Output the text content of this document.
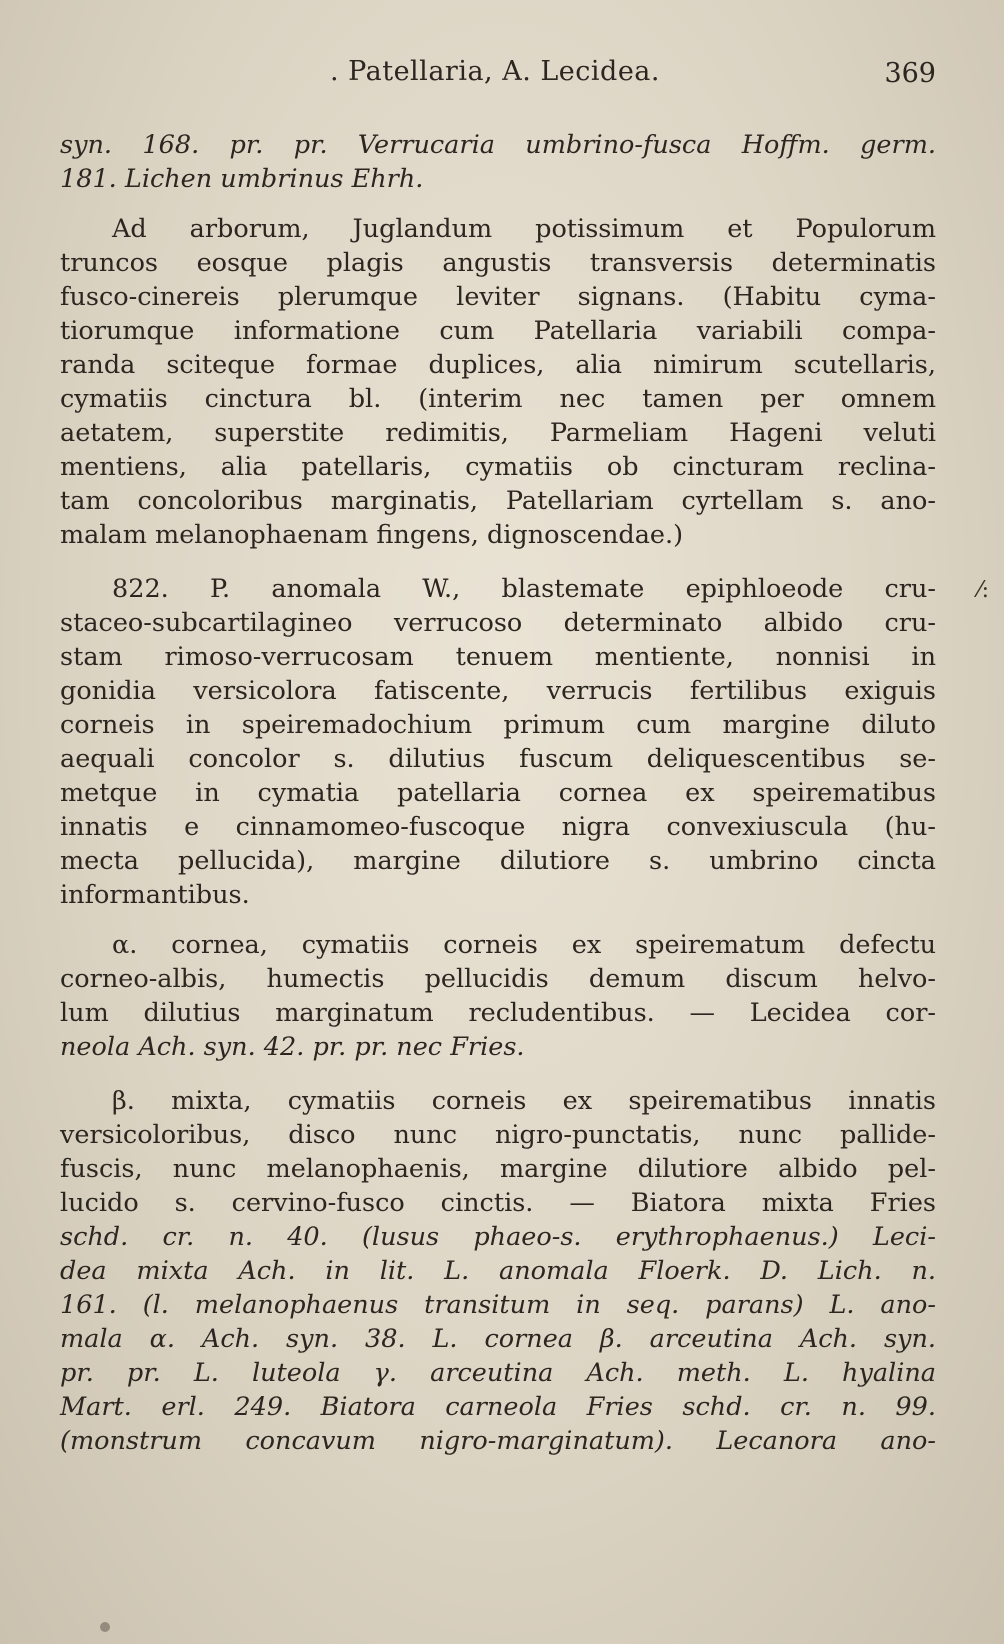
. Patellaria, A. Lecidea.	369
syn. 168. pr. pr. Verrucaria umbrino-fusca Hoffm. germ.
181. Lichen umbrinus Ehrh.
Ad arborum, Juglandum potissimum et Populorum
truncos eosque plagis angustis transversis determinatis
fusco-cinereis plerumque leviter signans. (Habitu cyma-
tiorumque informatione cum Patellaria variabili compa-
randa sciteque formae duplices, alia nimirum scutellaris,
cymatiis cinctura bl. (interim nec tamen per omnem
aetatem, superstite redimitis, Parmeliam Hageni veluti
mentiens, alia patellaris, cymatiis ob cincturam reclina-
tam concoloribus marginatis, Patellariam cyrtellam s. ano-
malam melanophaenam fingens, dignoscendae.)
822. P. anomala W., blastemate epiphloeode cru-
staceo-subcartilagineo verrucoso determinato albido cru-
stam rimoso-verrucosam tenuem mentiente, nonnisi in
gonidia versicolora fatiscente, verrucis fertilibus exiguis
corneis in speiremadochium primum cum margine diluto
aequali concolor s. dilutius fuscum deliquescentibus se-
metque in cymatia patellaria cornea ex speirematibus
innatis e cinnamomeo-fuscoque nigra convexiuscula (hu-
mecta pellucida), margine dilutiore s. umbrino cincta
informantibus.
α. cornea, cymatiis corneis ex speirematum defectu
corneo-albis, humectis pellucidis demum discum helvo-
lum dilutius marginatum recludentibus. — Lecidea cor-
neola Ach. syn. 42. pr. pr. nec Fries.
β. mixta, cymatiis corneis ex speirematibus innatis
versicoloribus, disco nunc nigro-punctatis, nunc pallide-
fuscis, nunc melanophaenis, margine dilutiore albido pel-
lucido s. cervino-fusco cinctis. — Biatora mixta Fries
schd. cr. n. 40. (lusus phaeo-s. erythrophaenus.) Leci-
dea mixta Ach. in lit. L. anomala Floerk. D. Lich. n.
161. (l. melanophaenus transitum in seq. parans) L. ano-
mala α. Ach. syn. 38. L. cornea β. arceutina Ach. syn.
pr. pr. L. luteola γ. arceutina Ach. meth. L. hyalina
Mart. erl. 249. Biatora carneola Fries schd. cr. n. 99.
(monstrum concavum nigro-marginatum). Lecanora ano-
⁄:
